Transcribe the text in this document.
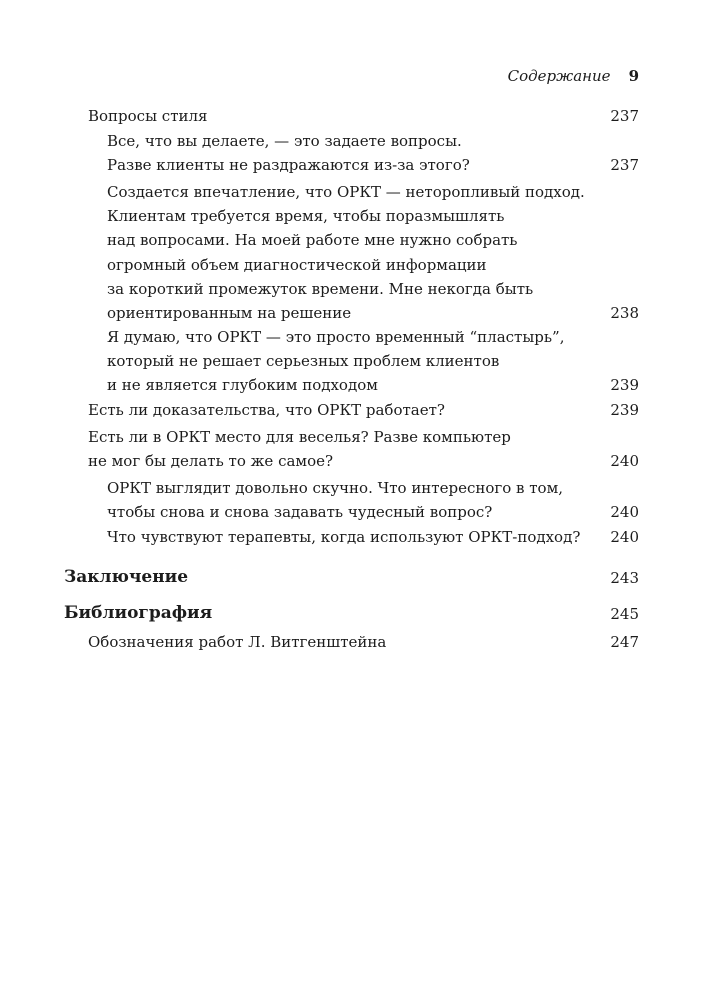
Содержание 9
Вопросы стиля	237
Все, что вы делаете, — это задаете вопросы.
Разве клиенты не раздражаются из-за этого?	237
Создается впечатление, что ОРКТ — неторопливый подход.
Клиентам требуется время, чтобы поразмышлять
над вопросами. На моей работе мне нужно собрать
огромный объем диагностической информации
за короткий промежуток времени. Мне некогда быть
ориентированным на решение	238
Я думаю, что ОРКТ — это просто временный “пластырь”,
который не решает серьезных проблем клиентов
и не является глубоким подходом	239
Есть ли доказательства, что ОРКТ работает?	239
Есть ли в ОРКТ место для веселья? Разве компьютер
не мог бы делать то же самое?	240
ОРКТ выглядит довольно скучно. Что интересного в том,
чтобы снова и снова задавать чудесный вопрос?	240
Что чувствуют терапевты, когда используют ОРКТ-подход? 240
Заключение	243
Библиография	245
Обозначения работ Л. Витгенштейна	247
